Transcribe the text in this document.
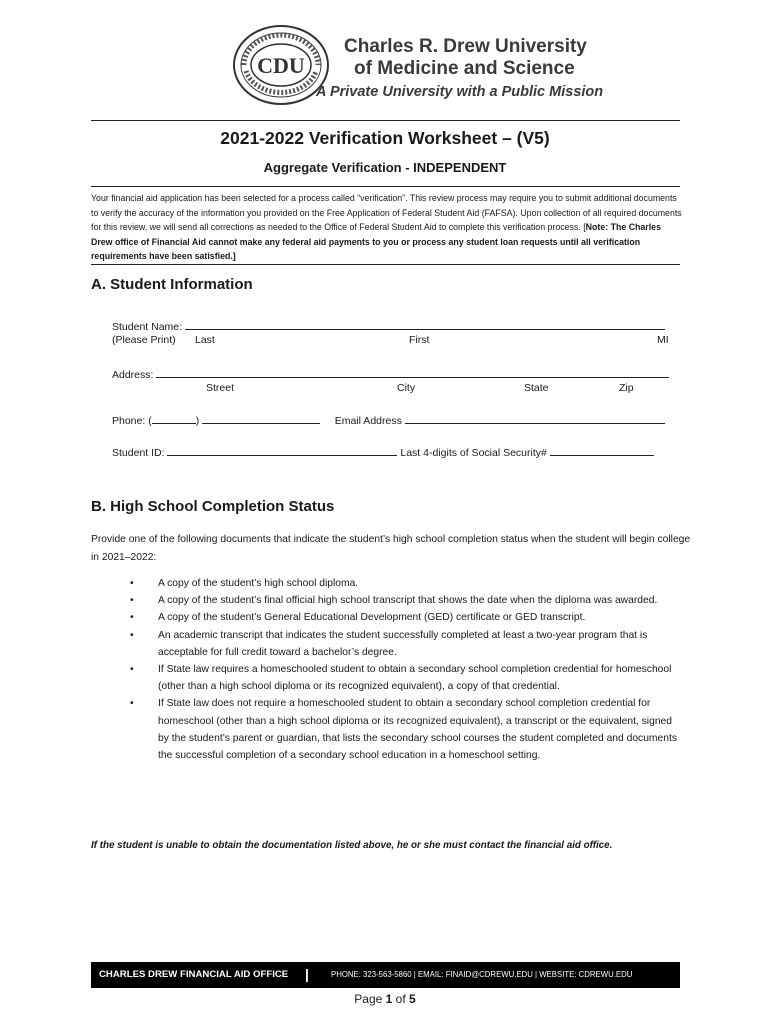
CDU
Charles R. Drew University
of Medicine and Science
A Private University with a Public Mission
2021-2022 Verification Worksheet – (V5)
Aggregate Verification - INDEPENDENT
Your financial aid application has been selected for a process called “verification”. This review process may require you to submit additional documents to verify the accuracy of the information you provided on the Free Application of Federal Student Aid (FAFSA). Upon collection of all required documents for this review, we will send all corrections as needed to the Office of Federal Student Aid to complete this verification process. [Note: The Charles Drew office of Financial Aid cannot make any federal aid payments to you or process any student loan requests until all verification requirements have been satisfied.]
A. Student Information
Student Name:
(Please Print) Last	First	MI
Address:
Street	City	State	Zip
Phone: (	)	Email Address
Student ID:	Last 4-digits of Social Security#
B. High School Completion Status
Provide one of the following documents that indicate the student’s high school completion status when the student will begin college in 2021–2022:
• A copy of the student’s high school diploma.
• A copy of the student’s final official high school transcript that shows the date when the diploma was awarded.
• A copy of the student’s General Educational Development (GED) certificate or GED transcript.
• An academic transcript that indicates the student successfully completed at least a two-year program that is acceptable for full credit toward a bachelor’s degree.
• If State law requires a homeschooled student to obtain a secondary school completion credential for homeschool (other than a high school diploma or its recognized equivalent), a copy of that credential.
• If State law does not require a homeschooled student to obtain a secondary school completion credential for homeschool (other than a high school diploma or its recognized equivalent), a transcript or the equivalent, signed by the student’s parent or guardian, that lists the secondary school courses the student completed and documents the successful completion of a secondary school education in a homeschool setting.
If the student is unable to obtain the documentation listed above, he or she must contact the financial aid office.
CHARLES DREW FINANCIAL AID OFFICE |	PHONE: 323-563-5860 | EMAIL: FINAID@CDREWU.EDU | WEBSITE: CDREWU.EDU
Page 1 of 5
